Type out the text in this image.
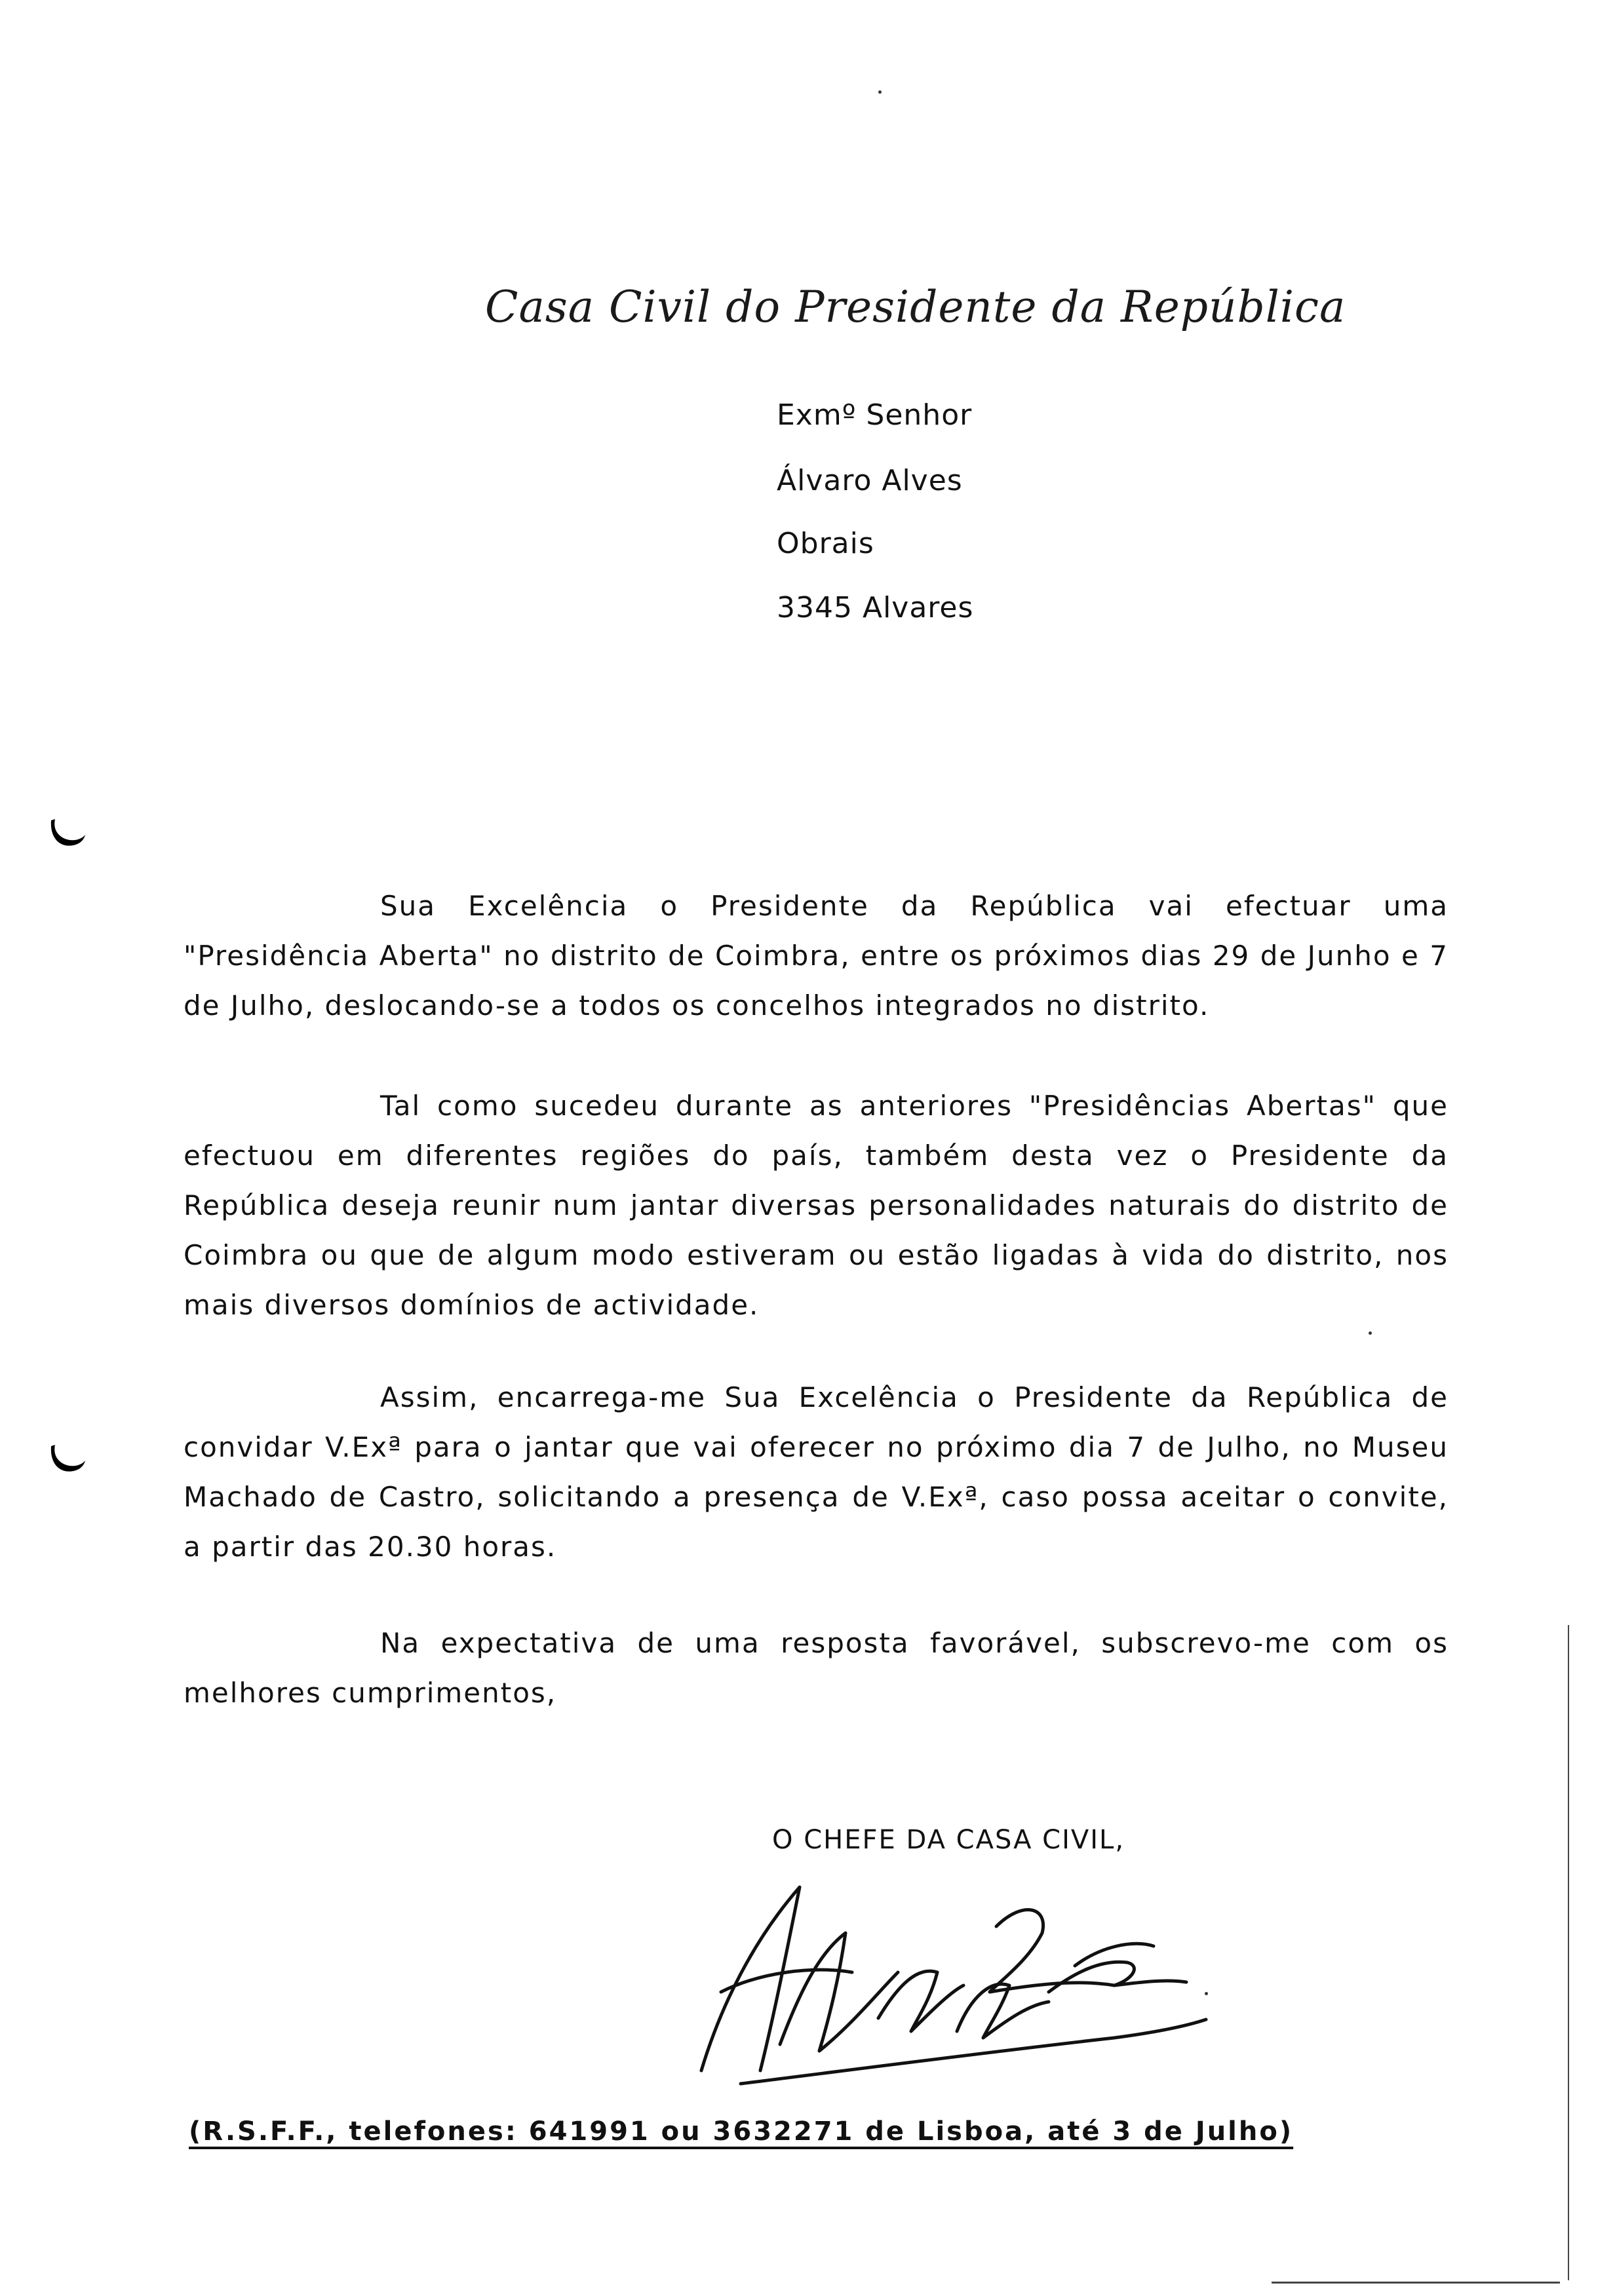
Casa Civil do Presidente da República
Exmº Senhor
Álvaro Alves
Obrais
3345 Alvares

Sua Excelência o Presidente da República vai efectuar uma "Presidência Aberta" no distrito de Coimbra, entre os próximos dias 29 de Junho e 7 de Julho, deslocando-se a todos os concelhos integrados no distrito.

Tal como sucedeu durante as anteriores "Presidências Abertas" que efectuou em diferentes regiões do país, também desta vez o Presidente da República deseja reunir num jantar diversas personalidades naturais do distrito de Coimbra ou que de algum modo estiveram ou estão ligadas à vida do distrito, nos mais diversos domínios de actividade.

Assim, encarrega-me Sua Excelência o Presidente da República de convidar V.Exª para o jantar que vai oferecer no próximo dia 7 de Julho, no Museu Machado de Castro, solicitando a presença de V.Exª, caso possa aceitar o convite, a partir das 20.30 horas.

Na expectativa de uma resposta favorável, subscrevo-me com os melhores cumprimentos,

O CHEFE DA CASA CIVIL,
(R.S.F.F., telefones: 641991 ou 3632271 de Lisboa, até 3 de Julho)
